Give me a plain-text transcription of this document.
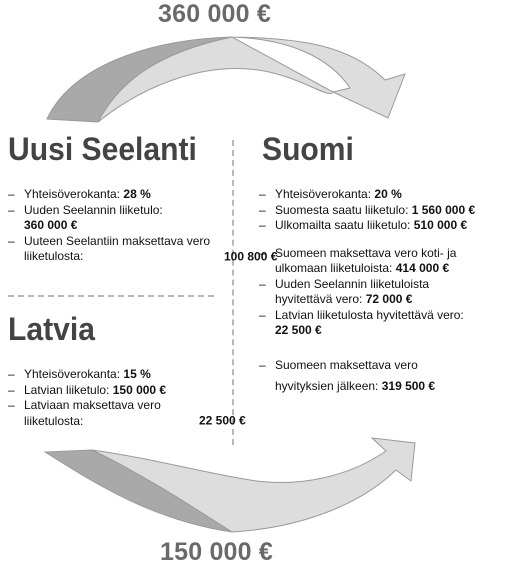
360 000 €
150 000 €
Uusi Seelanti Suomi
Latvia
– Yhteisöverokanta: 28 %
– Uuden Seelannin liiketulo:
360 000 €
– Uuteen Seelantiin maksettava vero liiketulosta:	100 800 €
– Yhteisöverokanta: 15 %
– Latvian liiketulo: 150 000 €
– Latviaan maksettava vero liiketulosta:	22 500 €
– Yhteisöverokanta: 20 %
– Suomesta saatu liiketulo: 1 560 000 €
– Ulkomailta saatu liiketulo: 510 000 €
– Suomeen maksettava vero koti- ja ulkomaan liiketuloista: 414 000 €
– Uuden Seelannin liiketuloista hyvitettävä vero: 72 000 €
– Latvian liiketulosta hyvitettävä vero: 22 500 €
– Suomeen maksettava vero hyvityksien jälkeen: 319 500 €
